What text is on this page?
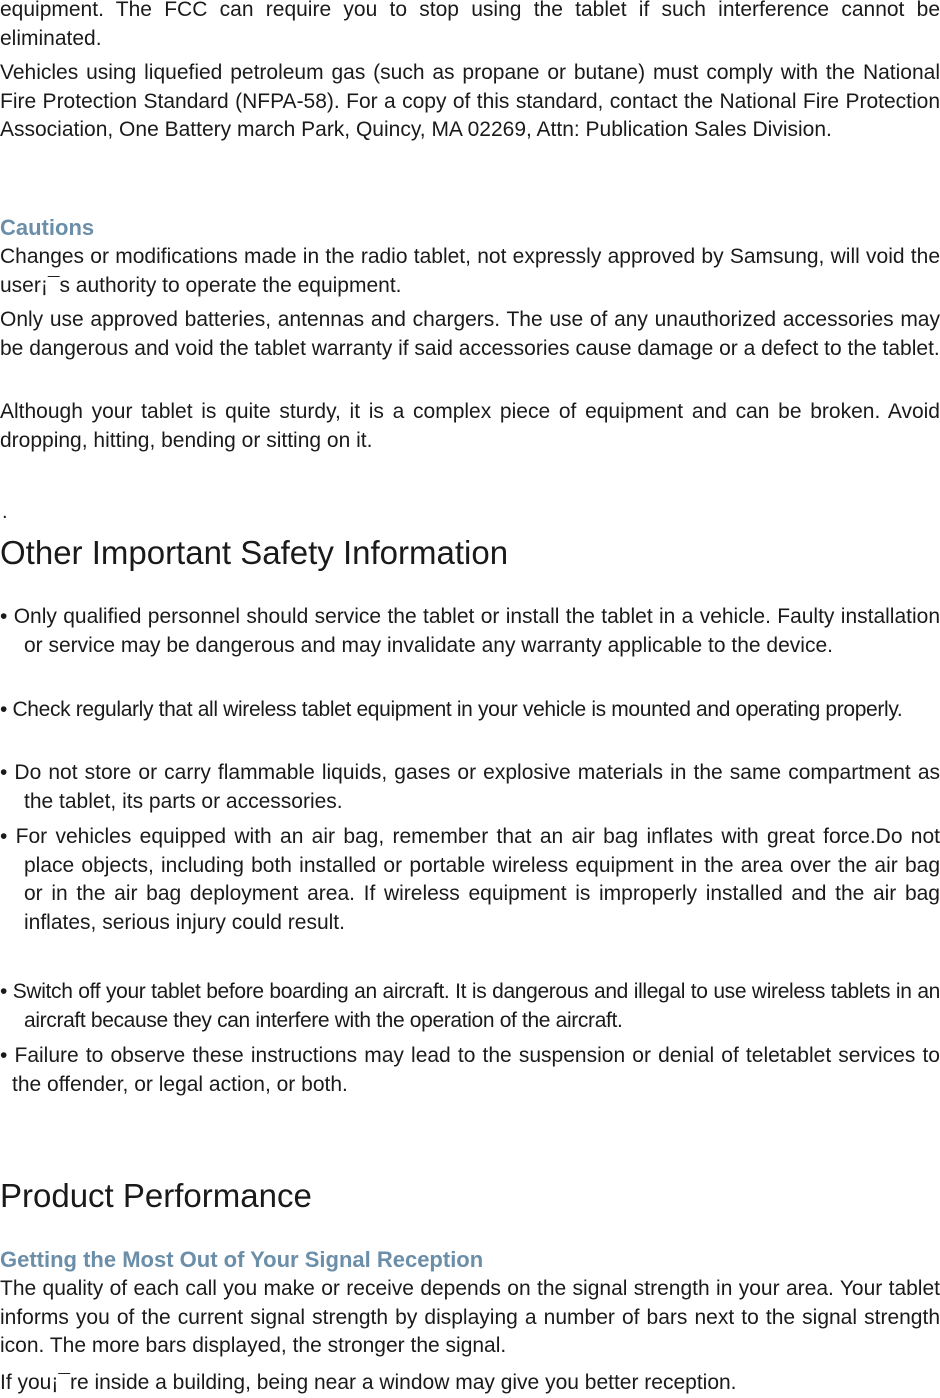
equipment. The FCC can require you to stop using the tablet if such interference cannot be eliminated.

Vehicles using liquefied petroleum gas (such as propane or butane) must comply with the National Fire Protection Standard (NFPA-58). For a copy of this standard, contact the National Fire Protection Association, One Battery march Park, Quincy, MA 02269, Attn: Publication Sales Division.

Cautions

Changes or modifications made in the radio tablet, not expressly approved by Samsung, will void the user¡¯s authority to operate the equipment.

Only use approved batteries, antennas and chargers. The use of any unauthorized accessories may be dangerous and void the tablet warranty if said accessories cause damage or a defect to the tablet.

Although your tablet is quite sturdy, it is a complex piece of equipment and can be broken. Avoid dropping, hitting, bending or sitting on it.

.

Other Important Safety Information

• Only qualified personnel should service the tablet or install the tablet in a vehicle. Faulty installation or service may be dangerous and may invalidate any warranty applicable to the device.

• Check regularly that all wireless tablet equipment in your vehicle is mounted and operating properly.

• Do not store or carry flammable liquids, gases or explosive materials in the same compartment as the tablet, its parts or accessories.

• For vehicles equipped with an air bag, remember that an air bag inflates with great force.Do not place objects, including both installed or portable wireless equipment in the area over the air bag or in the air bag deployment area. If wireless equipment is improperly installed and the air bag inflates, serious injury could result.

• Switch off your tablet before boarding an aircraft. It is dangerous and illegal to use wireless tablets in an aircraft because they can interfere with the operation of the aircraft.

• Failure to observe these instructions may lead to the suspension or denial of teletablet services to the offender, or legal action, or both.

Product Performance
Getting the Most Out of Your Signal Reception

The quality of each call you make or receive depends on the signal strength in your area. Your tablet informs you of the current signal strength by displaying a number of bars next to the signal strength icon. The more bars displayed, the stronger the signal.

If you¡¯re inside a building, being near a window may give you better reception.
